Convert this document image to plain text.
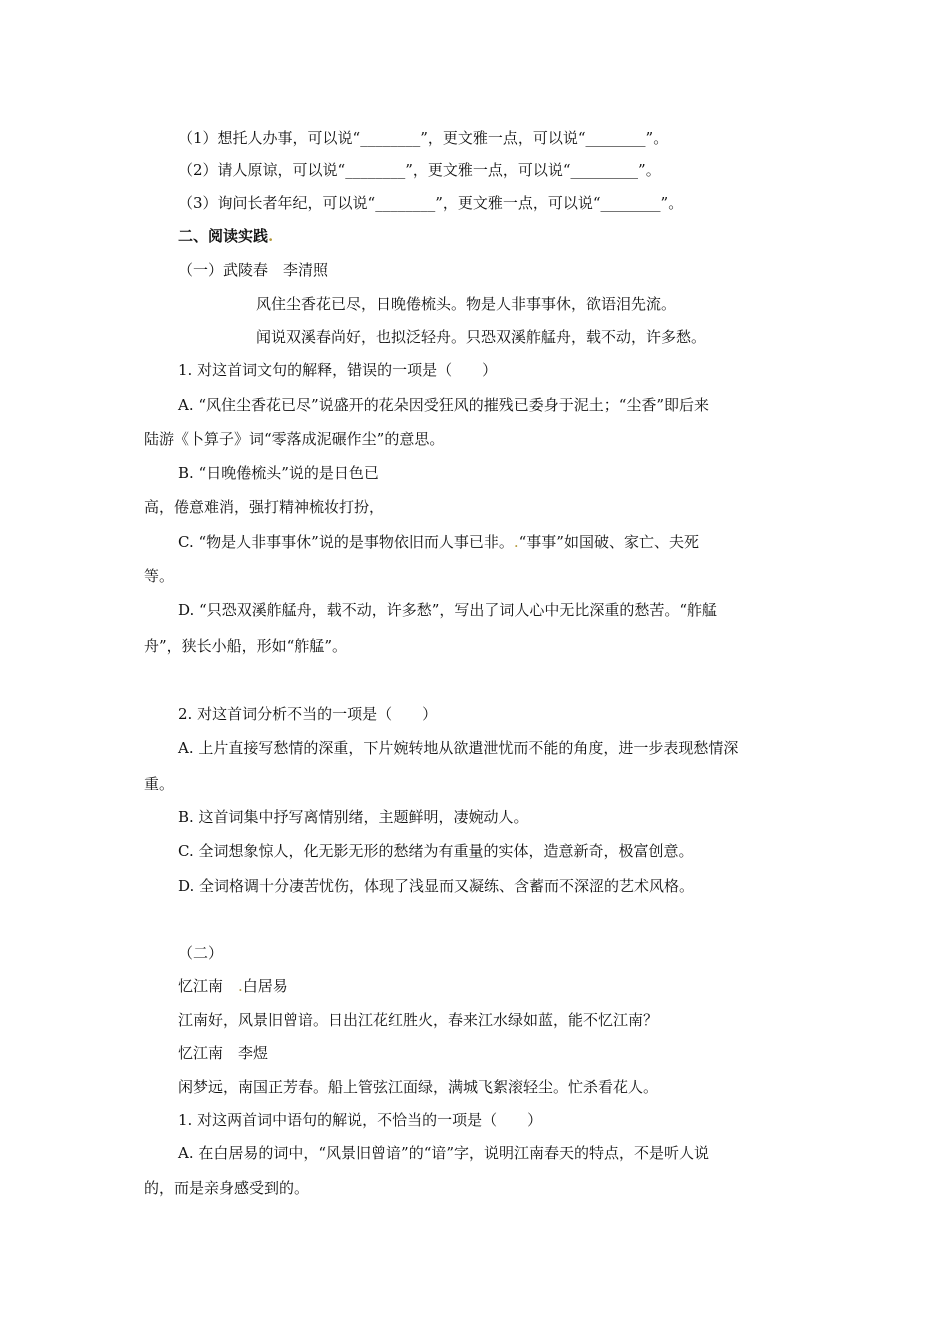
（1）想托人办事，可以说“________”，更文雅一点，可以说“________”。
（2）请人原谅，可以说“________”，更文雅一点，可以说“_________”。
（3）询问长者年纪，可以说“________”，更文雅一点，可以说“________”。
二、阅读实践.
（一）武陵春　李清照
风住尘香花已尽，日晚倦梳头。物是人非事事休，欲语泪先流。
闻说双溪春尚好，也拟泛轻舟。只恐双溪舴艋舟，载不动，许多愁。
1. 对这首词文句的解释，错误的一项是（　　）
A. “风住尘香花已尽”说盛开的花朵因受狂风的摧残已委身于泥土；“尘香”即后来
陆游《卜算子》词“零落成泥碾作尘”的意思。
B. “日晚倦梳头”说的是日色已
高，倦意难消，强打精神梳妆打扮，
C. “物是人非事事休”说的是事物依旧而人事已非。.“事事”如国破、家亡、夫死
等。
D. “只恐双溪舴艋舟，载不动，许多愁”，写出了词人心中无比深重的愁苦。“舴艋
舟”，狭长小船，形如“舴艋”。
2. 对这首词分析不当的一项是（　　）
A. 上片直接写愁情的深重，下片婉转地从欲遣泄忧而不能的角度，进一步表现愁情深
重。
B. 这首词集中抒写离情别绪，主题鲜明，凄婉动人。
C. 全词想象惊人，化无影无形的愁绪为有重量的实体，造意新奇，极富创意。
D. 全词格调十分凄苦忧伤，体现了浅显而又凝练、含蓄而不深涩的艺术风格。
（二）
忆江南　.白居易
江南好，风景旧曾谙。日出江花红胜火，春来江水绿如蓝，能不忆江南？
忆江南　李煜
闲梦远，南国正芳春。船上管弦江面绿，满城飞絮滚轻尘。忙杀看花人。
1. 对这两首词中语句的解说，不恰当的一项是（　　）
A. 在白居易的词中，“风景旧曾谙”的“谙”字，说明江南春天的特点，不是听人说
的，而是亲身感受到的。
